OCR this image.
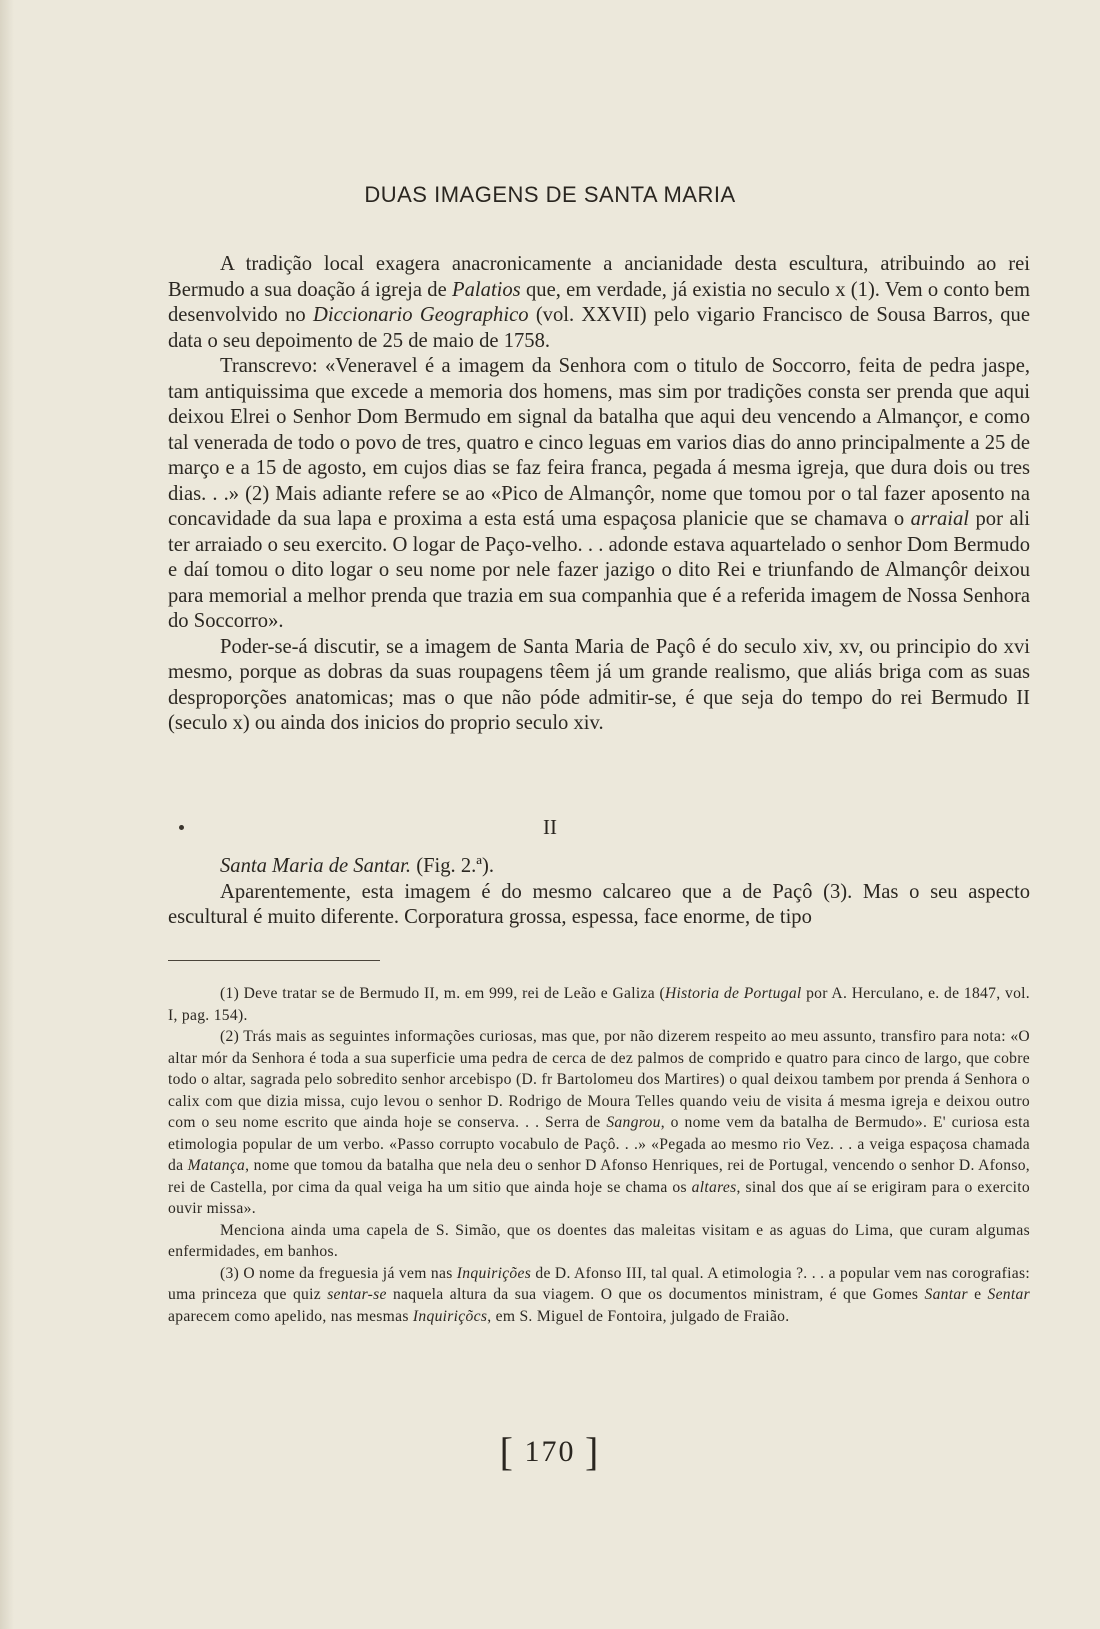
DUAS IMAGENS DE SANTA MARIA

A tradição local exagera anacronicamente a ancianidade desta escultura, atribuindo ao rei Bermudo a sua doação á igreja de Palatios que, em verdade, já existia no seculo x (1). Vem o conto bem desenvolvido no Diccionario Geographico (vol. XXVII) pelo vigario Francisco de Sousa Barros, que data o seu depoimento de 25 de maio de 1758.

Transcrevo: «Veneravel é a imagem da Senhora com o titulo de Soccorro, feita de pedra jaspe, tam antiquissima que excede a memoria dos homens, mas sim por tradições consta ser prenda que aqui deixou Elrei o Senhor Dom Bermudo em signal da batalha que aqui deu vencendo a Almançor, e como tal venerada de todo o povo de tres, quatro e cinco leguas em varios dias do anno principalmente a 25 de março e a 15 de agosto, em cujos dias se faz feira franca, pegada á mesma igreja, que dura dois ou tres dias. . .» (2) Mais adiante refere se ao «Pico de Almançôr, nome que tomou por o tal fazer aposento na concavidade da sua lapa e proxima a esta está uma espaçosa planicie que se chamava o arraial por ali ter arraiado o seu exercito. O logar de Paço-velho. . . adonde estava aquartelado o senhor Dom Bermudo e daí tomou o dito logar o seu nome por nele fazer jazigo o dito Rei e triunfando de Almançôr deixou para memorial a melhor prenda que trazia em sua companhia que é a referida imagem de Nossa Senhora do Soccorro».

Poder-se-á discutir, se a imagem de Santa Maria de Paçô é do seculo xiv, xv, ou principio do xvi mesmo, porque as dobras da suas roupagens têem já um grande realismo, que aliás briga com as suas desproporções anatomicas; mas o que não póde admitir-se, é que seja do tempo do rei Bermudo II (seculo x) ou ainda dos inicios do proprio seculo xiv.

II

Santa Maria de Santar. (Fig. 2.ª).

Aparentemente, esta imagem é do mesmo calcareo que a de Paçô (3). Mas o seu aspecto escultural é muito diferente. Corporatura grossa, espessa, face enorme, de tipo

(1) Deve tratar se de Bermudo II, m. em 999, rei de Leão e Galiza (Historia de Portugal por A. Herculano, e. de 1847, vol. I, pag. 154).

(2) Trás mais as seguintes informações curiosas, mas que, por não dizerem respeito ao meu assunto, transfiro para nota: «O altar mór da Senhora é toda a sua superficie uma pedra de cerca de dez palmos de comprido e quatro para cinco de largo, que cobre todo o altar, sagrada pelo sobredito senhor arcebispo (D. fr Bartolomeu dos Martires) o qual deixou tambem por prenda á Senhora o calix com que dizia missa, cujo levou o senhor D. Rodrigo de Moura Telles quando veiu de visita á mesma igreja e deixou outro com o seu nome escrito que ainda hoje se conserva. . . Serra de Sangrou, o nome vem da batalha de Bermudo». E' curiosa esta etimologia popular de um verbo. «Passo corrupto vocabulo de Paçô. . .» «Pegada ao mesmo rio Vez. . . a veiga espaçosa chamada da Matança, nome que tomou da batalha que nela deu o senhor D Afonso Henriques, rei de Portugal, vencendo o senhor D. Afonso, rei de Castella, por cima da qual veiga ha um sitio que ainda hoje se chama os altares, sinal dos que aí se erigiram para o exercito ouvir missa».

Menciona ainda uma capela de S. Simão, que os doentes das maleitas visitam e as aguas do Lima, que curam algumas enfermidades, em banhos.

(3) O nome da freguesia já vem nas Inquirições de D. Afonso III, tal qual. A etimologia ?. . . a popular vem nas corografias: uma princeza que quiz sentar-se naquela altura da sua viagem. O que os documentos ministram, é que Gomes Santar e Sentar aparecem como apelido, nas mesmas Inquiriçõcs, em S. Miguel de Fontoira, julgado de Fraião.

[ 170 ]
